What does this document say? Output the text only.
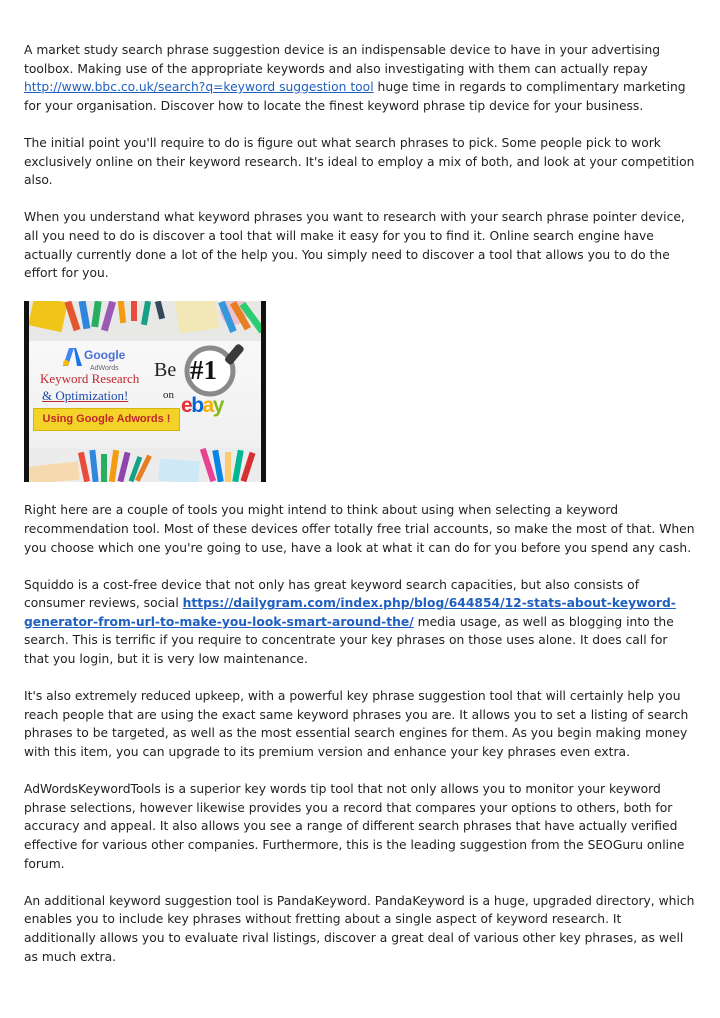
A market study search phrase suggestion device is an indispensable device to have in your advertising toolbox. Making use of the appropriate keywords and also investigating with them can actually repay http://www.bbc.co.uk/search?q=keyword suggestion tool huge time in regards to complimentary marketing for your organisation. Discover how to locate the finest keyword phrase tip device for your business.

The initial point you'll require to do is figure out what search phrases to pick. Some people pick to work exclusively online on their keyword research. It's ideal to employ a mix of both, and look at your competition also.

When you understand what keyword phrases you want to research with your search phrase pointer device, all you need to do is discover a tool that will make it easy for you to find it. Online search engine have actually currently done a lot of the help you. You simply need to discover a tool that allows you to do the effort for you.

Google
AdWords
Keyword Research
& Optimization!
Using Google Adwords !
Be
on
#1
ebay

Right here are a couple of tools you might intend to think about using when selecting a keyword recommendation tool. Most of these devices offer totally free trial accounts, so make the most of that. When you choose which one you're going to use, have a look at what it can do for you before you spend any cash.

Squiddo is a cost-free device that not only has great keyword search capacities, but also consists of consumer reviews, social https://dailygram.com/index.php/blog/644854/12-stats-about-keyword-generator-from-url-to-make-you-look-smart-around-the/ media usage, as well as blogging into the search. This is terrific if you require to concentrate your key phrases on those uses alone. It does call for that you login, but it is very low maintenance.

It's also extremely reduced upkeep, with a powerful key phrase suggestion tool that will certainly help you reach people that are using the exact same keyword phrases you are. It allows you to set a listing of search phrases to be targeted, as well as the most essential search engines for them. As you begin making money with this item, you can upgrade to its premium version and enhance your key phrases even extra.

AdWordsKeywordTools is a superior key words tip tool that not only allows you to monitor your keyword phrase selections, however likewise provides you a record that compares your options to others, both for accuracy and appeal. It also allows you see a range of different search phrases that have actually verified effective for various other companies. Furthermore, this is the leading suggestion from the SEOGuru online forum.

An additional keyword suggestion tool is PandaKeyword. PandaKeyword is a huge, upgraded directory, which enables you to include key phrases without fretting about a single aspect of keyword research. It additionally allows you to evaluate rival listings, discover a great deal of various other key phrases, as well as much extra.
